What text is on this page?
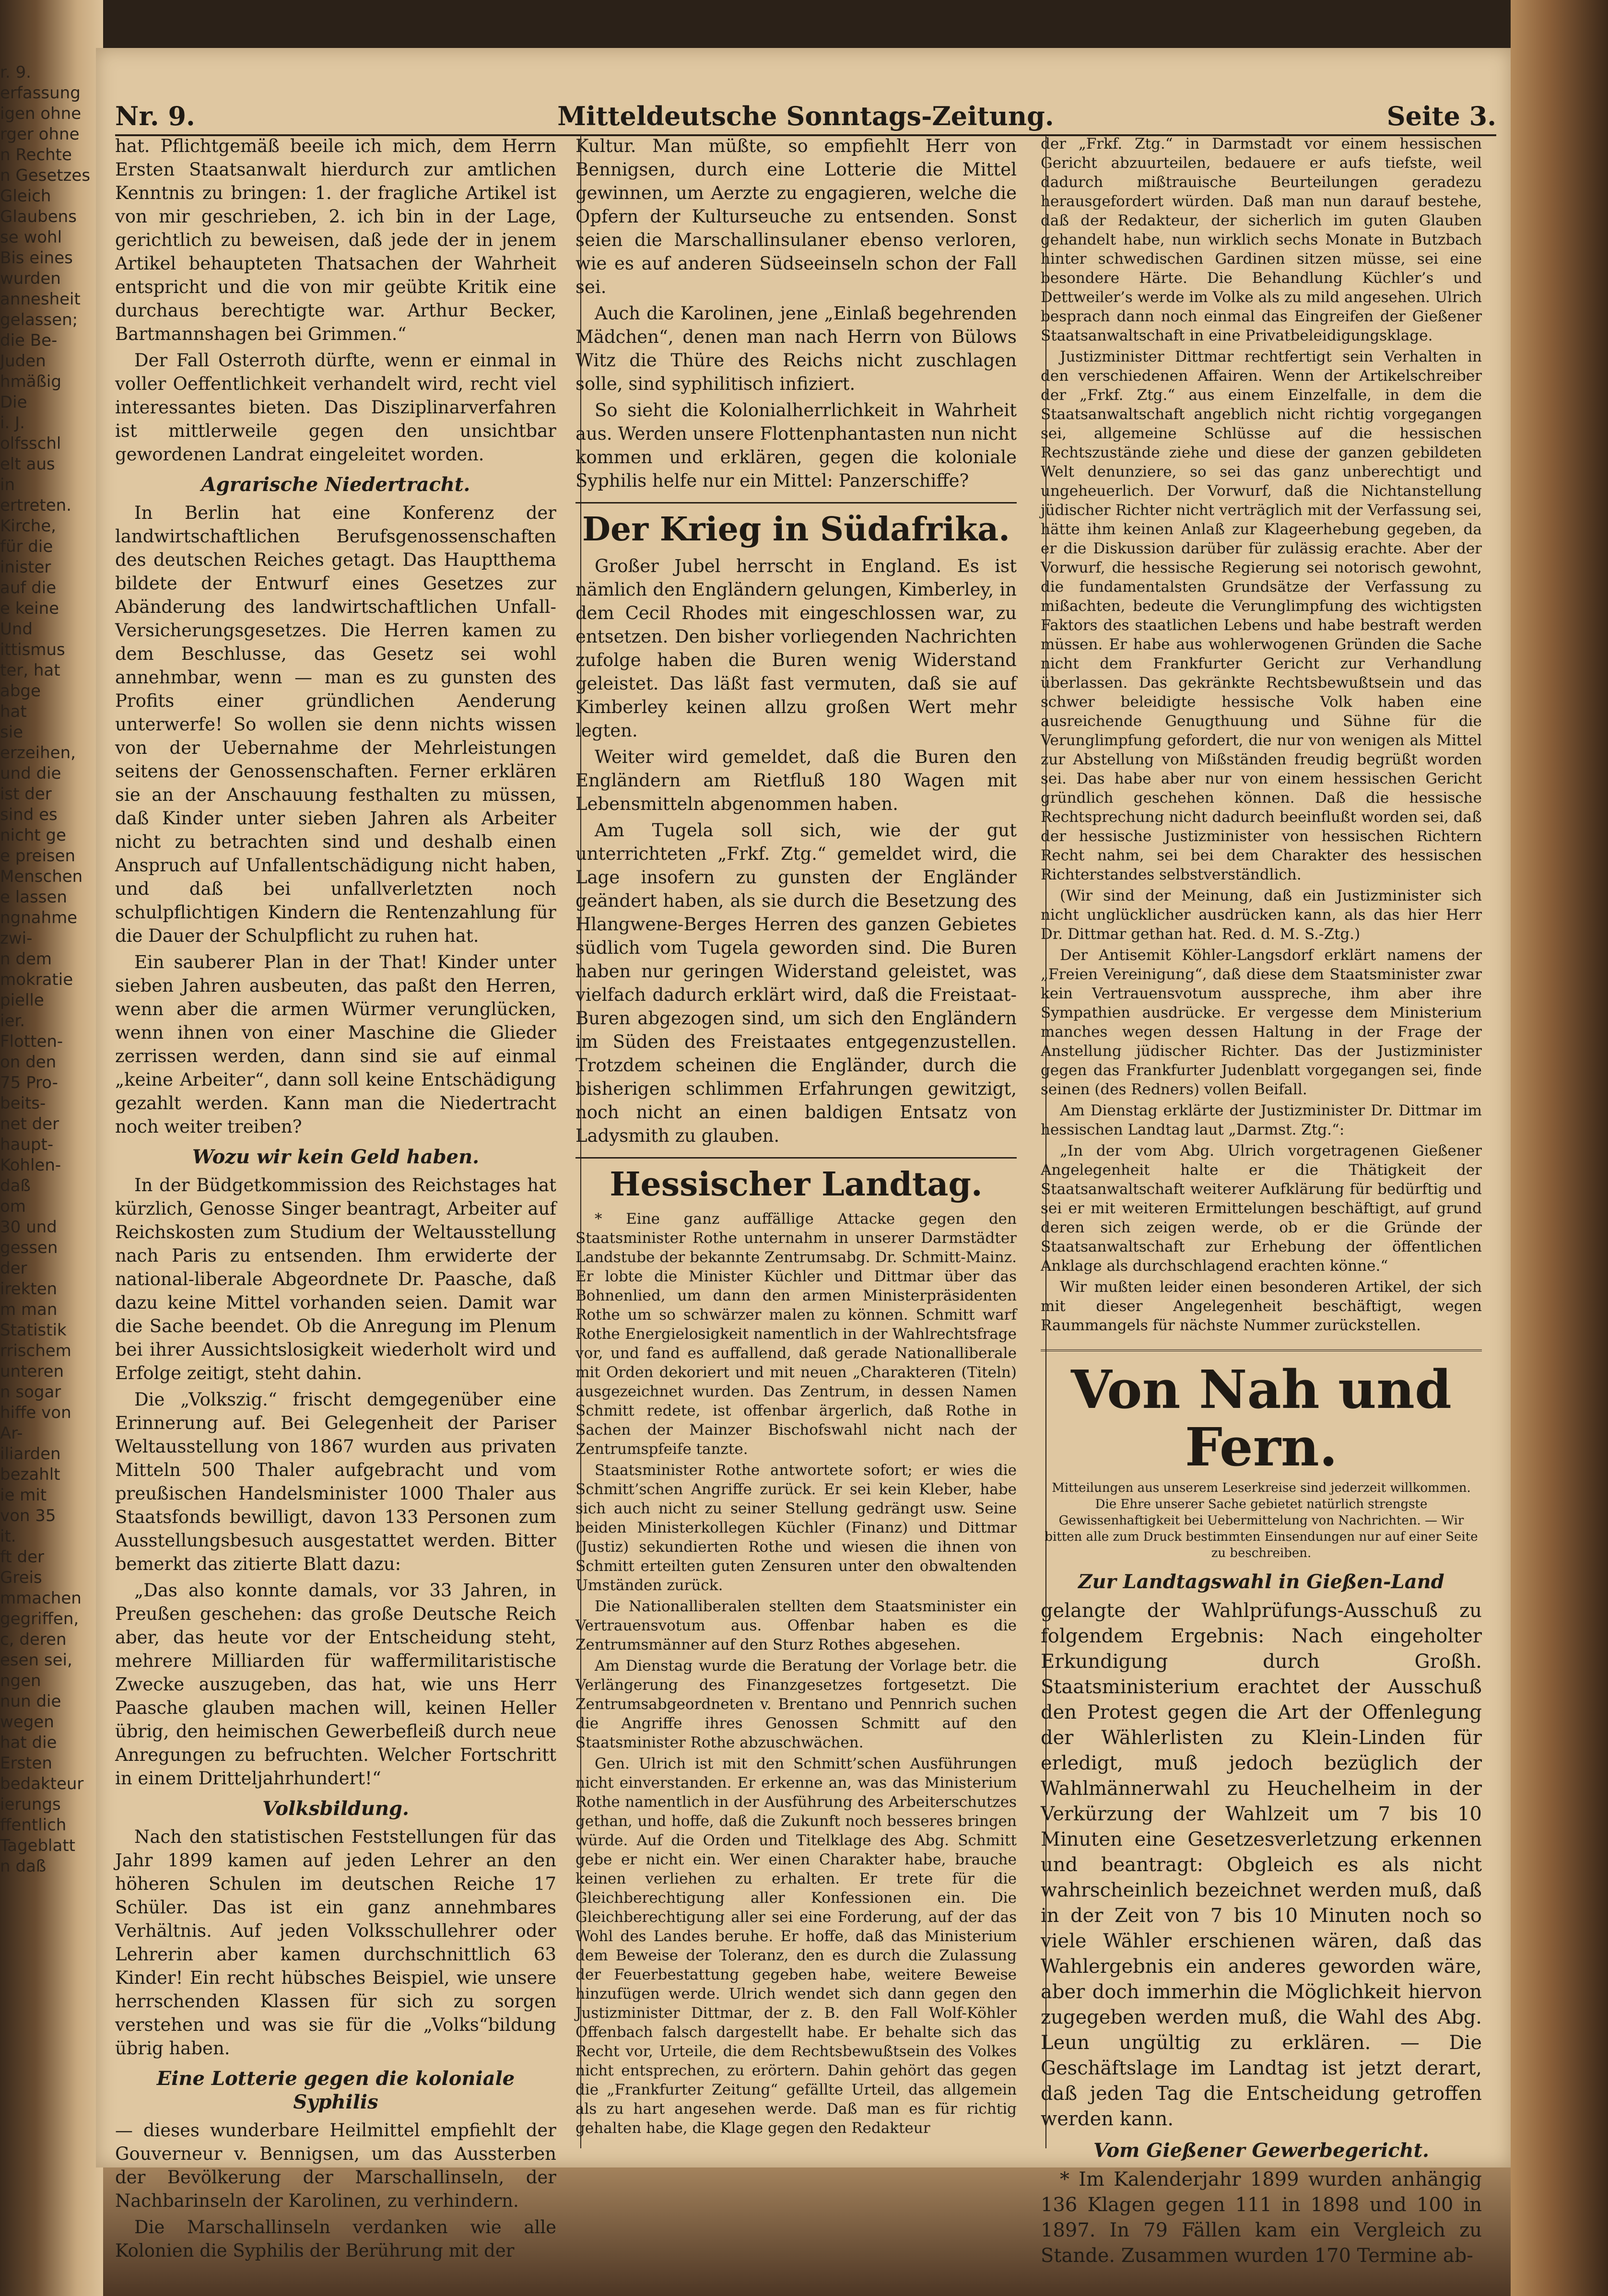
r. 9.
erfassung
igen ohne
rger ohne
n Rechte
n Gesetzes
Gleich
Glaubens
se wohl
Bis eines
wurden
annesheit
gelassen;
die Be-
Juden
hmäßig
Die
i. J.
olfsschl
elt aus
in
ertreten.
Kirche,
für die
inister
auf die
e keine
Und
ittismus
ter, hat
abge
hat
sie
erzeihen,
und die
ist der
sind es
nicht ge
e preisen
Menschen
e lassen
ngnahme
zwi-
n dem
mokratie
pielle
ier.
Flotten-
on den
75 Pro-
beits-
net der
haupt-
Kohlen-
daß
om
30 und
gessen
der
irekten
m man
Statistik
rrischem
unteren
n sogar
hiffe von
Ar-
iliarden
bezahlt
ie mit
von 35
it.
ft der
Greis
mmachen
gegriffen,
c, deren
esen sei,
ngen
nun die
wegen
hat die
Ersten
bedakteur
ierungs
ffentlich
Tageblatt
n daß
Nr. 9.	Mitteldeutsche Sonntags-Zeitung.	Seite 3.

hat. Pflichtgemäß beeile ich mich, dem Herrn Ersten Staatsanwalt hierdurch zur amtlichen Kenntnis zu bringen: 1. der fragliche Artikel ist von mir geschrieben, 2. ich bin in der Lage, gerichtlich zu beweisen, daß jede der in jenem Artikel behaupteten Thatsachen der Wahrheit entspricht und die von mir geübte Kritik eine durchaus berechtigte war. Arthur Becker, Bartmannshagen bei Grimmen.“

Der Fall Osterroth dürfte, wenn er einmal in voller Oeffentlichkeit verhandelt wird, recht viel interessantes bieten. Das Disziplinarverfahren ist mittlerweile gegen den unsichtbar gewordenen Landrat eingeleitet worden.

Agrarische Niedertracht.

In Berlin hat eine Konferenz der landwirtschaftlichen Berufsgenossenschaften des deutschen Reiches getagt. Das Hauptthema bildete der Entwurf eines Gesetzes zur Abänderung des landwirtschaftlichen Unfall-Versicherungsgesetzes. Die Herren kamen zu dem Beschlusse, das Gesetz sei wohl annehmbar, wenn — man es zu gunsten des Profits einer gründlichen Aenderung unterwerfe! So wollen sie denn nichts wissen von der Uebernahme der Mehrleistungen seitens der Genossenschaften. Ferner erklären sie an der Anschauung festhalten zu müssen, daß Kinder unter sieben Jahren als Arbeiter nicht zu betrachten sind und deshalb einen Anspruch auf Unfallentschädigung nicht haben, und daß bei unfallverletzten noch schulpflichtigen Kindern die Rentenzahlung für die Dauer der Schulpflicht zu ruhen hat.

Ein sauberer Plan in der That! Kinder unter sieben Jahren ausbeuten, das paßt den Herren, wenn aber die armen Würmer verunglücken, wenn ihnen von einer Maschine die Glieder zerrissen werden, dann sind sie auf einmal „keine Arbeiter“, dann soll keine Entschädigung gezahlt werden. Kann man die Niedertracht noch weiter treiben?

Wozu wir kein Geld haben.

In der Büdgetkommission des Reichstages hat kürzlich, Genosse Singer beantragt, Arbeiter auf Reichskosten zum Studium der Weltausstellung nach Paris zu entsenden. Ihm erwiderte der national-liberale Abgeordnete Dr. Paasche, daß dazu keine Mittel vorhanden seien. Damit war die Sache beendet. Ob die Anregung im Plenum bei ihrer Aussichtslosigkeit wiederholt wird und Erfolge zeitigt, steht dahin.

Die „Volkszig.“ frischt demgegenüber eine Erinnerung auf. Bei Gelegenheit der Pariser Weltausstellung von 1867 wurden aus privaten Mitteln 500 Thaler aufgebracht und vom preußischen Handelsminister 1000 Thaler aus Staatsfonds bewilligt, davon 133 Personen zum Ausstellungsbesuch ausgestattet werden. Bitter bemerkt das zitierte Blatt dazu:

„Das also konnte damals, vor 33 Jahren, in Preußen geschehen: das große Deutsche Reich aber, das heute vor der Entscheidung steht, mehrere Milliarden für waffermilitaristische Zwecke auszugeben, das hat, wie uns Herr Paasche glauben machen will, keinen Heller übrig, den heimischen Gewerbefleiß durch neue Anregungen zu befruchten. Welcher Fortschritt in einem Dritteljahrhundert!“

Volksbildung.

Nach den statistischen Feststellungen für das Jahr 1899 kamen auf jeden Lehrer an den höheren Schulen im deutschen Reiche 17 Schüler. Das ist ein ganz annehmbares Verhältnis. Auf jeden Volksschullehrer oder Lehrerin aber kamen durchschnittlich 63 Kinder! Ein recht hübsches Beispiel, wie unsere herrschenden Klassen für sich zu sorgen verstehen und was sie für die „Volks“bildung übrig haben.

Eine Lotterie gegen die koloniale Syphilis

— dieses wunderbare Heilmittel empfiehlt der Gouverneur v. Bennigsen, um das Aussterben der Bevölkerung der Marschallinseln, der Nachbarinseln der Karolinen, zu verhindern.

Die Marschallinseln verdanken wie alle Kolonien die Syphilis der Berührung mit der

Kultur. Man müßte, so empfiehlt Herr von Bennigsen, durch eine Lotterie die Mittel gewinnen, um Aerzte zu engagieren, welche die Opfern der Kulturseuche zu entsenden. Sonst seien die Marschallinsulaner ebenso verloren, wie es auf anderen Südseeinseln schon der Fall sei.

Auch die Karolinen, jene „Einlaß begehrenden Mädchen“, denen man nach Herrn von Bülows Witz die Thüre des Reichs nicht zuschlagen solle, sind syphilitisch infiziert.

So sieht die Kolonialherrlichkeit in Wahrheit aus. Werden unsere Flottenphantasten nun nicht kommen und erklären, gegen die koloniale Syphilis helfe nur ein Mittel: Panzerschiffe?

Der Krieg in Südafrika.

Großer Jubel herrscht in England. Es ist nämlich den Engländern gelungen, Kimberley, in dem Cecil Rhodes mit eingeschlossen war, zu entsetzen. Den bisher vorliegenden Nachrichten zufolge haben die Buren wenig Widerstand geleistet. Das läßt fast vermuten, daß sie auf Kimberley keinen allzu großen Wert mehr legten.

Weiter wird gemeldet, daß die Buren den Engländern am Rietfluß 180 Wagen mit Lebensmitteln abgenommen haben.

Am Tugela soll sich, wie der gut unterrichteten „Frkf. Ztg.“ gemeldet wird, die Lage insofern zu gunsten der Engländer geändert haben, als sie durch die Besetzung des Hlangwene-Berges Herren des ganzen Gebietes südlich vom Tugela geworden sind. Die Buren haben nur geringen Widerstand geleistet, was vielfach dadurch erklärt wird, daß die Freistaat-Buren abgezogen sind, um sich den Engländern im Süden des Freistaates entgegenzustellen. Trotzdem scheinen die Engländer, durch die bisherigen schlimmen Erfahrungen gewitzigt, noch nicht an einen baldigen Entsatz von Ladysmith zu glauben.

Hessischer Landtag.

* Eine ganz auffällige Attacke gegen den Staatsminister Rothe unternahm in unserer Darmstädter Landstube der bekannte Zentrumsabg. Dr. Schmitt-Mainz. Er lobte die Minister Küchler und Dittmar über das Bohnenlied, um dann den armen Ministerpräsidenten Rothe um so schwärzer malen zu können. Schmitt warf Rothe Energielosigkeit namentlich in der Wahlrechtsfrage vor, und fand es auffallend, daß gerade Nationalliberale mit Orden dekoriert und mit neuen „Charakteren (Titeln) ausgezeichnet wurden. Das Zentrum, in dessen Namen Schmitt redete, ist offenbar ärgerlich, daß Rothe in Sachen der Mainzer Bischofswahl nicht nach der Zentrumspfeife tanzte.

Staatsminister Rothe antwortete sofort; er wies die Schmitt’schen Angriffe zurück. Er sei kein Kleber, habe sich auch nicht zu seiner Stellung gedrängt usw. Seine beiden Ministerkollegen Küchler (Finanz) und Dittmar (Justiz) sekundierten Rothe und wiesen die ihnen von Schmitt erteilten guten Zensuren unter den obwaltenden Umständen zurück.

Die Nationalliberalen stellten dem Staatsminister ein Vertrauensvotum aus. Offenbar haben es die Zentrumsmänner auf den Sturz Rothes abgesehen.

Am Dienstag wurde die Beratung der Vorlage betr. die Verlängerung des Finanzgesetzes fortgesetzt. Die Zentrumsabgeordneten v. Brentano und Pennrich suchen die Angriffe ihres Genossen Schmitt auf den Staatsminister Rothe abzuschwächen.

Gen. Ulrich ist mit den Schmitt’schen Ausführungen nicht einverstanden. Er erkenne an, was das Ministerium Rothe namentlich in der Ausführung des Arbeiterschutzes gethan, und hoffe, daß die Zukunft noch besseres bringen würde. Auf die Orden und Titelklage des Abg. Schmitt gebe er nicht ein. Wer einen Charakter habe, brauche keinen verliehen zu erhalten. Er trete für die Gleichberechtigung aller Konfessionen ein. Die Gleichberechtigung aller sei eine Forderung, auf der das Wohl des Landes beruhe. Er hoffe, daß das Ministerium dem Beweise der Toleranz, den es durch die Zulassung der Feuerbestattung gegeben habe, weitere Beweise hinzufügen werde. Ulrich wendet sich dann gegen den Justizminister Dittmar, der z. B. den Fall Wolf-Köhler Offenbach falsch dargestellt habe. Er behalte sich das Recht vor, Urteile, die dem Rechtsbewußtsein des Volkes nicht entsprechen, zu erörtern. Dahin gehört das gegen die „Frankfurter Zeitung“ gefällte Urteil, das allgemein als zu hart angesehen werde. Daß man es für richtig gehalten habe, die Klage gegen den Redakteur

der „Frkf. Ztg.“ in Darmstadt vor einem hessischen Gericht abzuurteilen, bedauere er aufs tiefste, weil dadurch mißtrauische Beurteilungen geradezu herausgefordert würden. Daß man nun darauf bestehe, daß der Redakteur, der sicherlich im guten Glauben gehandelt habe, nun wirklich sechs Monate in Butzbach hinter schwedischen Gardinen sitzen müsse, sei eine besondere Härte. Die Behandlung Küchler’s und Dettweiler’s werde im Volke als zu mild angesehen. Ulrich besprach dann noch einmal das Eingreifen der Gießener Staatsanwaltschaft in eine Privatbeleidigungsklage.

Justizminister Dittmar rechtfertigt sein Verhalten in den verschiedenen Affairen. Wenn der Artikelschreiber der „Frkf. Ztg.“ aus einem Einzelfalle, in dem die Staatsanwaltschaft angeblich nicht richtig vorgegangen sei, allgemeine Schlüsse auf die hessischen Rechtszustände ziehe und diese der ganzen gebildeten Welt denunziere, so sei das ganz unberechtigt und ungeheuerlich. Der Vorwurf, daß die Nichtanstellung jüdischer Richter nicht verträglich mit der Verfassung sei, hätte ihm keinen Anlaß zur Klageerhebung gegeben, da er die Diskussion darüber für zulässig erachte. Aber der Vorwurf, die hessische Regierung sei notorisch gewohnt, die fundamentalsten Grundsätze der Verfassung zu mißachten, bedeute die Verunglimpfung des wichtigsten Faktors des staatlichen Lebens und habe bestraft werden müssen. Er habe aus wohlerwogenen Gründen die Sache nicht dem Frankfurter Gericht zur Verhandlung überlassen. Das gekränkte Rechtsbewußtsein und das schwer beleidigte hessische Volk haben eine ausreichende Genugthuung und Sühne für die Verunglimpfung gefordert, die nur von wenigen als Mittel zur Abstellung von Mißständen freudig begrüßt worden sei. Das habe aber nur von einem hessischen Gericht gründlich geschehen können. Daß die hessische Rechtsprechung nicht dadurch beeinflußt worden sei, daß der hessische Justizminister von hessischen Richtern Recht nahm, sei bei dem Charakter des hessischen Richterstandes selbstverständlich.

(Wir sind der Meinung, daß ein Justizminister sich nicht unglücklicher ausdrücken kann, als das hier Herr Dr. Dittmar gethan hat. Red. d. M. S.-Ztg.)

Der Antisemit Köhler-Langsdorf erklärt namens der „Freien Vereinigung“, daß diese dem Staatsminister zwar kein Vertrauensvotum ausspreche, ihm aber ihre Sympathien ausdrücke. Er vergesse dem Ministerium manches wegen dessen Haltung in der Frage der Anstellung jüdischer Richter. Das der Justizminister gegen das Frankfurter Judenblatt vorgegangen sei, finde seinen (des Redners) vollen Beifall.

Am Dienstag erklärte der Justizminister Dr. Dittmar im hessischen Landtag laut „Darmst. Ztg.“:

„In der vom Abg. Ulrich vorgetragenen Gießener Angelegenheit halte er die Thätigkeit der Staatsanwaltschaft weiterer Aufklärung für bedürftig und sei er mit weiteren Ermittelungen beschäftigt, auf grund deren sich zeigen werde, ob er die Gründe der Staatsanwaltschaft zur Erhebung der öffentlichen Anklage als durchschlagend erachten könne.“

Wir mußten leider einen besonderen Artikel, der sich mit dieser Angelegenheit beschäftigt, wegen Raummangels für nächste Nummer zurückstellen.

Von Nah und Fern.
Mitteilungen aus unserem Leserkreise sind jederzeit willkommen.
Die Ehre unserer Sache gebietet natürlich strengste Gewissenhaftigkeit bei Uebermittelung von Nachrichten. — Wir bitten alle zum Druck bestimmten Einsendungen nur auf einer Seite zu beschreiben.
Zur Landtagswahl in Gießen-Land

gelangte der Wahlprüfungs-Ausschuß zu folgendem Ergebnis: Nach eingeholter Erkundigung durch Großh. Staatsministerium erachtet der Ausschuß den Protest gegen die Art der Offenlegung der Wählerlisten zu Klein-Linden für erledigt, muß jedoch bezüglich der Wahlmännerwahl zu Heuchelheim in der Verkürzung der Wahlzeit um 7 bis 10 Minuten eine Gesetzesverletzung erkennen und beantragt: Obgleich es als nicht wahrscheinlich bezeichnet werden muß, daß in der Zeit von 7 bis 10 Minuten noch so viele Wähler erschienen wären, daß das Wahlergebnis ein anderes geworden wäre, aber doch immerhin die Möglichkeit hiervon zugegeben werden muß, die Wahl des Abg. Leun ungültig zu erklären. — Die Geschäftslage im Landtag ist jetzt derart, daß jeden Tag die Entscheidung getroffen werden kann.

Vom Gießener Gewerbegericht.

* Im Kalenderjahr 1899 wurden anhängig 136 Klagen gegen 111 in 1898 und 100 in 1897. In 79 Fällen kam ein Vergleich zu Stande. Zusammen wurden 170 Termine ab-
